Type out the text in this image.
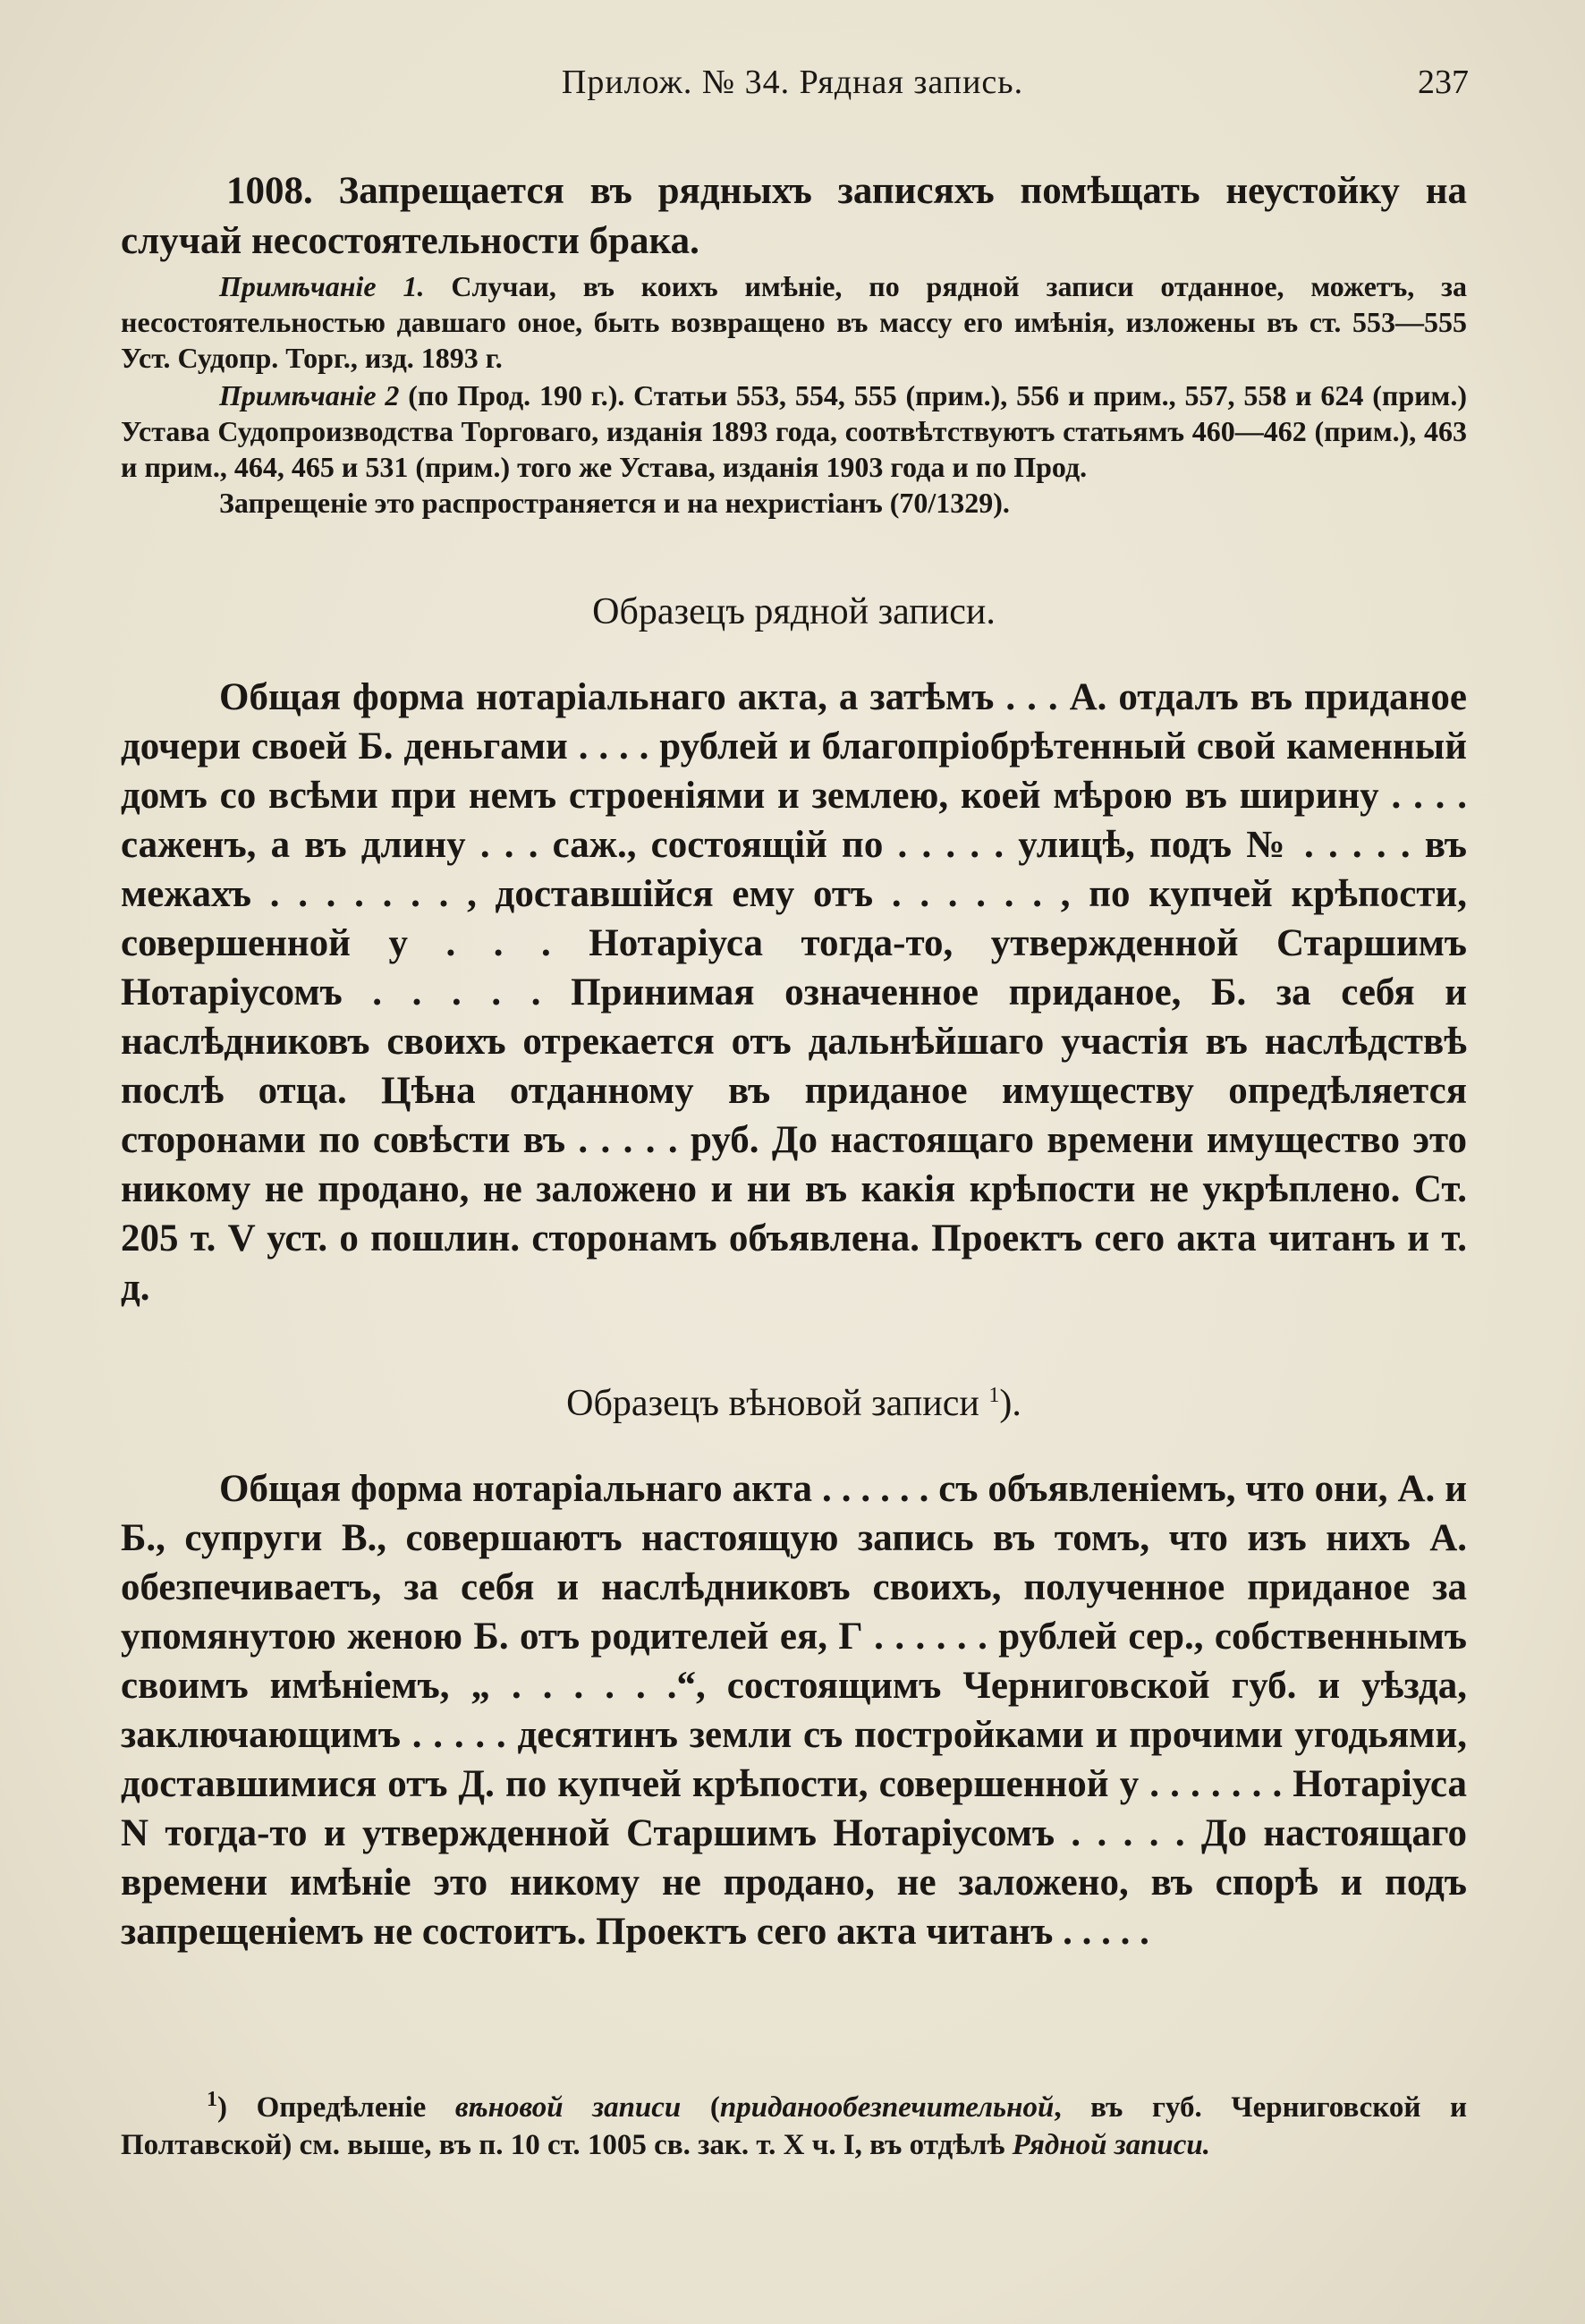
Прилож. № 34. Рядная запись.	237

1008. Запрещается въ рядныхъ записяхъ помѣщать неустойку на случай несостоятельности брака.

Примѣчаніе 1. Случаи, въ коихъ имѣніе, по рядной записи отданное, можетъ, за несостоятельностью давшаго оное, быть возвращено въ массу его имѣнія, изложены въ ст. 553—555 Уст. Судопр. Торг., изд. 1893 г.

Примѣчаніе 2 (по Прод. 190 г.). Статьи 553, 554, 555 (прим.), 556 и прим., 557, 558 и 624 (прим.) Устава Судопроизводства Торговаго, изданія 1893 года, соотвѣтствуютъ статьямъ 460—462 (прим.), 463 и прим., 464, 465 и 531 (прим.) того же Устава, изданія 1903 года и по Прод.

Запрещеніе это распространяется и на нехристіанъ (70/1329).

Образецъ рядной записи.

Общая форма нотаріальнаго акта, а затѣмъ . . . А. отдалъ въ приданое дочери своей Б. деньгами . . . . рублей и благопріобрѣтенный свой каменный домъ со всѣми при немъ строеніями и землею, коей мѣрою въ ширину . . . . саженъ, а въ длину . . . саж., состоящій по . . . . . улицѣ, подъ № . . . . . въ межахъ . . . . . . . , доставшійся ему отъ . . . . . . , по купчей крѣпости, совершенной у . . . Нотаріуса тогда-то, утвержденной Старшимъ Нотаріусомъ . . . . . Принимая означенное приданое, Б. за себя и наслѣдниковъ своихъ отрекается отъ дальнѣйшаго участія въ наслѣдствѣ послѣ отца. Цѣна отданному въ приданое имуществу опредѣляется сторонами по совѣсти въ . . . . . руб. До настоящаго времени имущество это никому не продано, не заложено и ни въ какія крѣпости не укрѣплено. Ст. 205 т. V уст. о пошлин. сторонамъ объявлена. Проектъ сего акта читанъ и т. д.

Образецъ вѣновой записи $^1$).

Общая форма нотаріальнаго акта . . . . . . съ объявленіемъ, что они, А. и Б., супруги В., совершаютъ настоящую запись въ томъ, что изъ нихъ А. обезпечиваетъ, за себя и наслѣдниковъ своихъ, полученное приданое за упомянутою женою Б. отъ родителей ея, Г . . . . . . рублей сер., собственнымъ своимъ имѣніемъ, „ . . . . . .“, состоящимъ Черниговской губ. и уѣзда, заключающимъ . . . . . десятинъ земли съ постройками и прочими угодьями, доставшимися отъ Д. по купчей крѣпости, совершенной у . . . . . . . Нотаріуса N тогда-то и утвержденной Старшимъ Нотаріусомъ . . . . . До настоящаго времени имѣніе это никому не продано, не заложено, въ спорѣ и подъ запрещеніемъ не состоитъ. Проектъ сего акта читанъ . . . . .

$^1$) Опредѣленіе вѣновой записи (приданообезпечительной, въ губ. Черниговской и Полтавской) см. выше, въ п. 10 ст. 1005 св. зак. т. X ч. I, въ отдѣлѣ Рядной записи.
